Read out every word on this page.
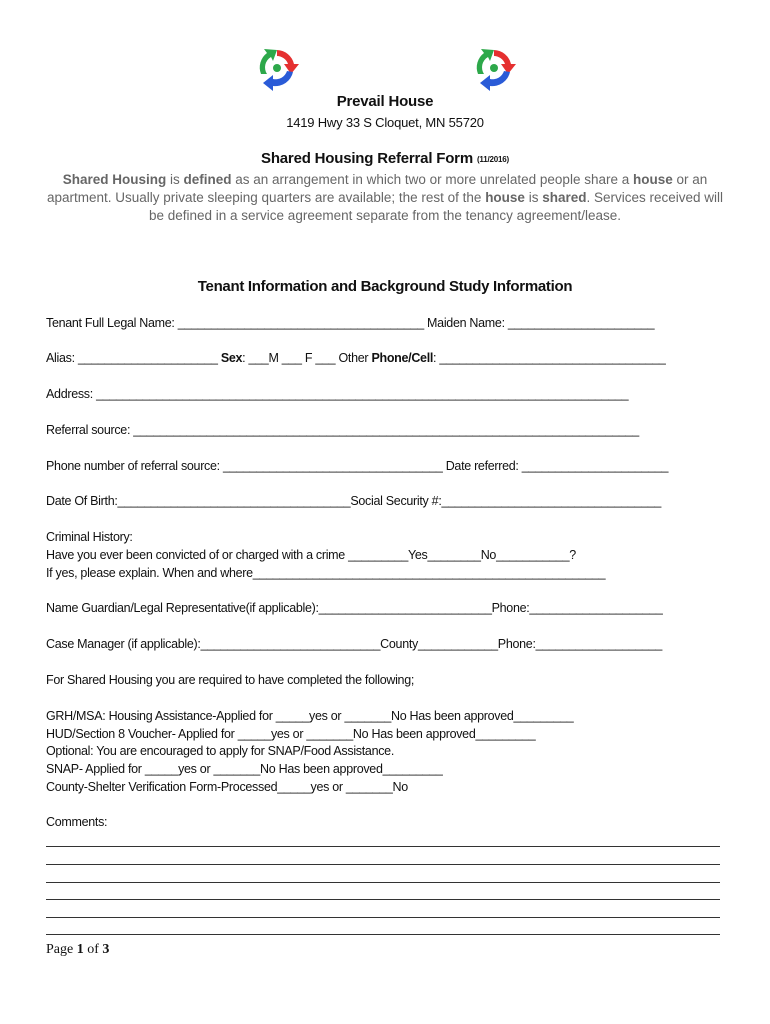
Prevail House
1419 Hwy 33 S Cloquet, MN 55720
Shared Housing Referral Form (11/2016)
Shared Housing is defined as an arrangement in which two or more unrelated people share a house or an apartment. Usually private sleeping quarters are available; the rest of the house is shared. Services received will be defined in a service agreement separate from the tenancy agreement/lease.
Tenant Information and Background Study Information
Tenant Full Legal Name: _____________________________________ Maiden Name: ______________________
Alias: _____________________ Sex: ___M ___ F ___ Other Phone/Cell: __________________________________
Address: ________________________________________________________________________________
Referral source: ____________________________________________________________________________
Phone number of referral source: _________________________________ Date referred: ______________________
Date Of Birth:___________________________________Social Security #:_________________________________
Criminal History:
Have you ever been convicted of or charged with a crime _________Yes________No___________?
If yes, please explain. When and where_____________________________________________________
Name Guardian/Legal Representative(if applicable):__________________________Phone:____________________
Case Manager (if applicable):___________________________County____________Phone:___________________
For Shared Housing you are required to have completed the following;
GRH/MSA: Housing Assistance-Applied for _____yes or _______No Has been approved_________
HUD/Section 8 Voucher- Applied for _____yes or _______No Has been approved_________
Optional: You are encouraged to apply for SNAP/Food Assistance.
SNAP- Applied for _____yes or _______No Has been approved_________
County-Shelter Verification Form-Processed_____yes or _______No
Comments:
Page 1 of 3
